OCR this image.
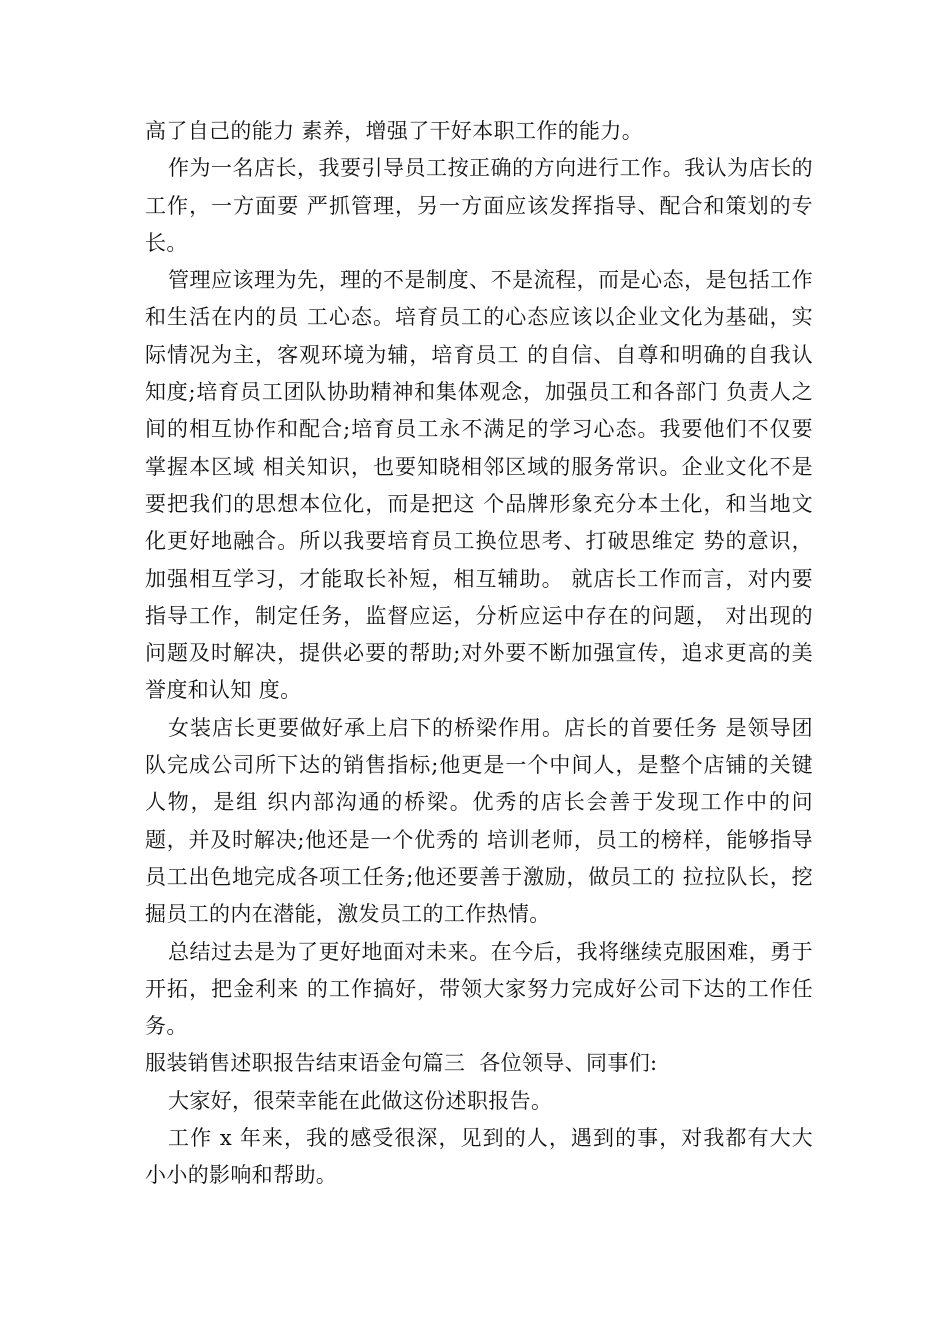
高了自己的能力 素养，增强了干好本职工作的能力。

作为一名店长，我要引导员工按正确的方向进行工作。我认为店长的工作，一方面要 严抓管理，另一方面应该发挥指导、配合和策划的专长。

管理应该理为先，理的不是制度、不是流程，而是心态，是包括工作和生活在内的员 工心态。培育员工的心态应该以企业文化为基础，实际情况为主，客观环境为辅，培育员工 的自信、自尊和明确的自我认知度;培育员工团队协助精神和集体观念，加强员工和各部门 负责人之间的相互协作和配合;培育员工永不满足的学习心态。我要他们不仅要掌握本区域 相关知识，也要知晓相邻区域的服务常识。企业文化不是要把我们的思想本位化，而是把这 个品牌形象充分本土化，和当地文化更好地融合。所以我要培育员工换位思考、打破思维定 势的意识，加强相互学习，才能取长补短，相互辅助。 就店长工作而言，对内要指导工作，制定任务，监督应运，分析应运中存在的问题， 对出现的问题及时解决，提供必要的帮助;对外要不断加强宣传，追求更高的美誉度和认知 度。

女装店长更要做好承上启下的桥梁作用。店长的首要任务 是领导团队完成公司所下达的销售指标;他更是一个中间人，是整个店铺的关键人物，是组 织内部沟通的桥梁。优秀的店长会善于发现工作中的问题，并及时解决;他还是一个优秀的 培训老师，员工的榜样，能够指导员工出色地完成各项工任务;他还要善于激励，做员工的 拉拉队长，挖掘员工的内在潜能，激发员工的工作热情。

总结过去是为了更好地面对未来。在今后，我将继续克服困难，勇于开拓，把金利来 的工作搞好，带领大家努力完成好公司下达的工作任务。

服装销售述职报告结束语金句篇三 各位领导、同事们:

大家好，很荣幸能在此做这份述职报告。

工作 x 年来，我的感受很深，见到的人，遇到的事，对我都有大大小小的影响和帮助。
